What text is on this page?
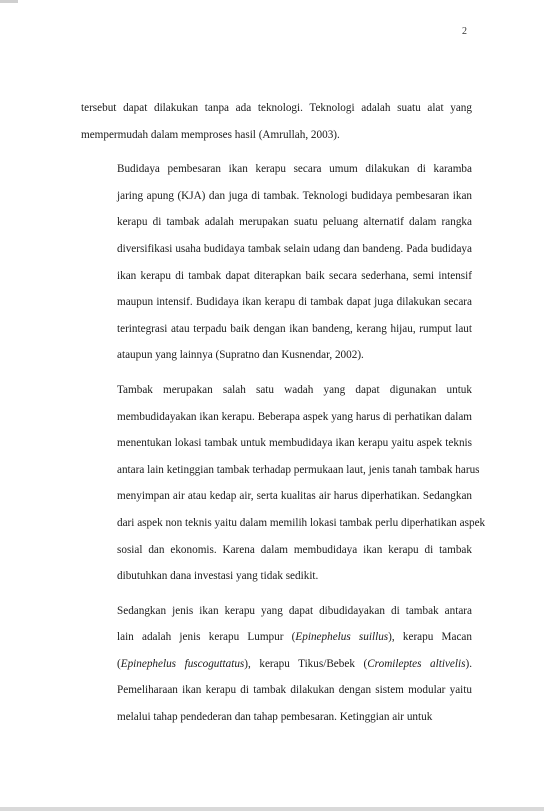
2

tersebut dapat dilakukan tanpa ada teknologi. Teknologi adalah suatu alat yang
mempermudah dalam memproses hasil (Amrullah, 2003).

Budidaya pembesaran ikan kerapu secara umum dilakukan di karamba
jaring apung (KJA) dan juga di tambak. Teknologi budidaya pembesaran ikan
kerapu di tambak adalah merupakan suatu peluang alternatif dalam rangka
diversifikasi usaha budidaya tambak selain udang dan bandeng. Pada budidaya
ikan kerapu di tambak dapat diterapkan baik secara sederhana, semi intensif
maupun intensif. Budidaya ikan kerapu di tambak dapat juga dilakukan secara
terintegrasi atau terpadu baik dengan ikan bandeng, kerang hijau, rumput laut
ataupun yang lainnya (Supratno dan Kusnendar, 2002).

Tambak merupakan salah satu wadah yang dapat digunakan untuk
membudidayakan ikan kerapu. Beberapa aspek yang harus di perhatikan dalam
menentukan lokasi tambak untuk membudidaya ikan kerapu yaitu aspek teknis
antara lain ketinggian tambak terhadap permukaan laut, jenis tanah tambak harus
menyimpan air atau kedap air, serta kualitas air harus diperhatikan. Sedangkan
dari aspek non teknis yaitu dalam memilih lokasi tambak perlu diperhatikan aspek
sosial dan ekonomis. Karena dalam membudidaya ikan kerapu di tambak
dibutuhkan dana investasi yang tidak sedikit.

Sedangkan jenis ikan kerapu yang dapat dibudidayakan di tambak antara
lain adalah jenis kerapu Lumpur (Epinephelus suillus), kerapu Macan
(Epinephelus fuscoguttatus), kerapu Tikus/Bebek (Cromileptes altivelis).
Pemeliharaan ikan kerapu di tambak dilakukan dengan sistem modular yaitu
melalui tahap pendederan dan tahap pembesaran. Ketinggian air untuk
